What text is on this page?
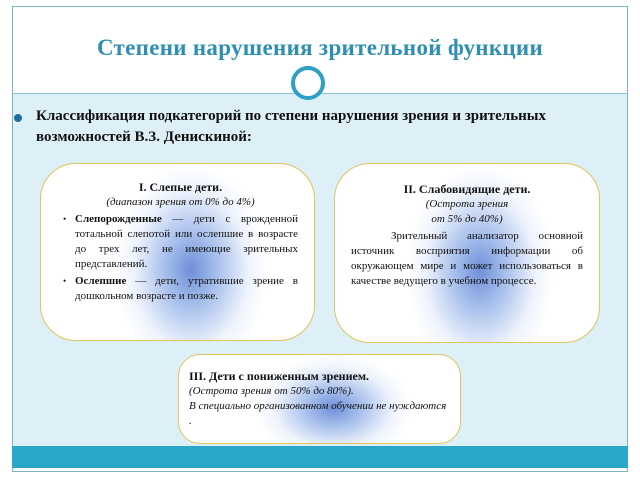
Степени нарушения зрительной функции
Классификация подкатегорий по степени нарушения зрения и зрительных возможностей В.З. Денискиной:
I. Слепые дети.
(диапазон зрения от 0% до 4%)
• Слепорожденные — дети с врожденной тотальной слепотой или ослепшие в возрасте до трех лет, не имеющие зрительных представлений.
• Ослепшие — дети, утратившие зрение в дошкольном возрасте и позже.
II. Слабовидящие дети.
(Острота зрения
от 5% до 40%)
Зрительный анализатор основной источник восприятия информации об окружающем мире и может использоваться в качестве ведущего в учебном процессе.
III. Дети с пониженным зрением.
(Острота зрения от 50% до 80%).
В специально организованном обучении не нуждаются .
